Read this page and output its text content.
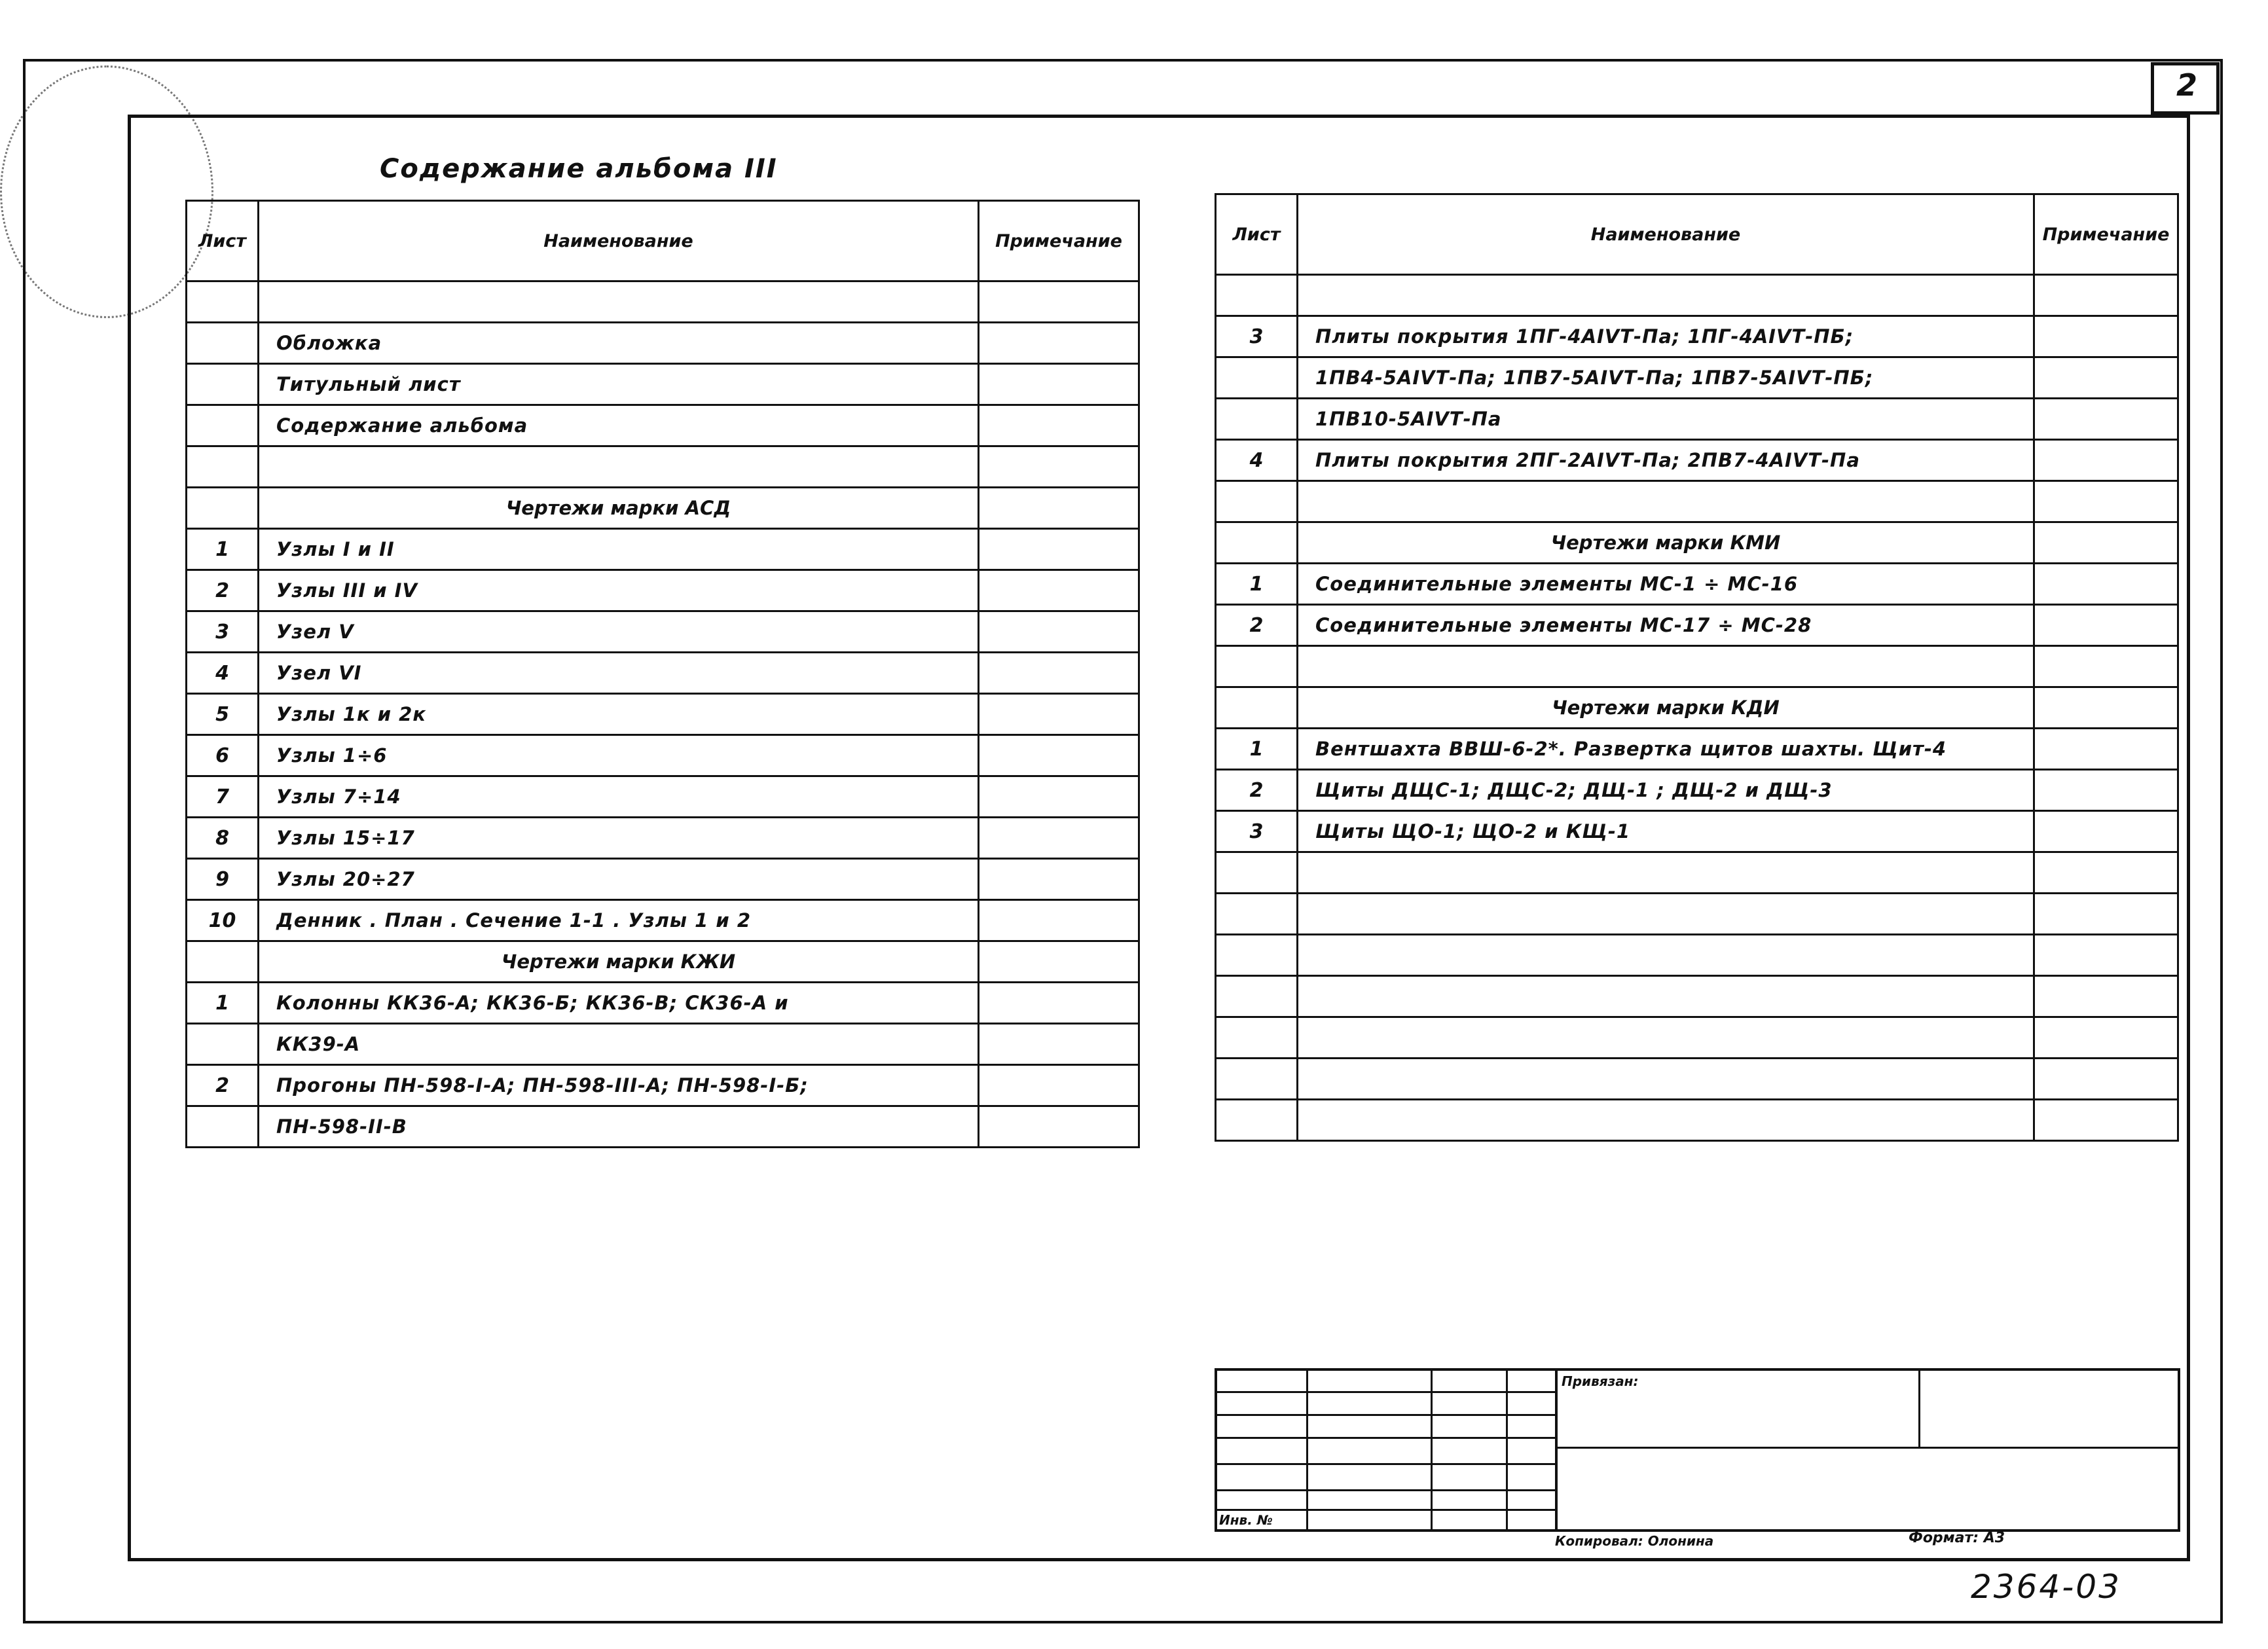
2
Содержание альбома III
Лист	Наименование	Примечание

	Обложка	
	Титульный лист	
	Содержание альбома	

	Чертежи марки АСД	
1	Узлы I и II	
2	Узлы III и IV	
3	Узел V	
4	Узел VI	
5	Узлы 1к и 2к	
6	Узлы 1÷6	
7	Узлы 7÷14	
8	Узлы 15÷17	
9	Узлы 20÷27	
10	Денник . План . Сечение 1-1 . Узлы 1 и 2	
	Чертежи марки КЖИ	
1	Колонны КК36-А; КК36-Б; КК36-В; СК36-А и	
	КК39-А	
2	Прогоны ПН-598-I-А; ПН-598-III-А; ПН-598-I-Б;	
	ПН-598-II-В	
Лист	Наименование	Примечание

3	Плиты покрытия 1ПГ-4АIVТ-Па; 1ПГ-4АIVТ-ПБ;	
	1ПВ4-5АIVТ-Па; 1ПВ7-5АIVТ-Па; 1ПВ7-5АIVТ-ПБ;	
	1ПВ10-5АIVТ-Па	
4	Плиты покрытия 2ПГ-2АIVТ-Па; 2ПВ7-4АIVТ-Па	

	Чертежи марки КМИ	
1	Соединительные элементы МС-1 ÷ МС-16	
2	Соединительные элементы МС-17 ÷ МС-28	

	Чертежи марки КДИ	
1	Вентшахта ВВШ-6-2*. Развертка щитов шахты. Щит-4	
2	Щиты ДЩС-1; ДЩС-2; ДЩ-1 ; ДЩ-2 и ДЩ-3	
3	Щиты ЩО-1; ЩО-2 и КЩ-1	

Привязан:
Инв. №
Копировал: Олонина	Формат: А3
2364-03
